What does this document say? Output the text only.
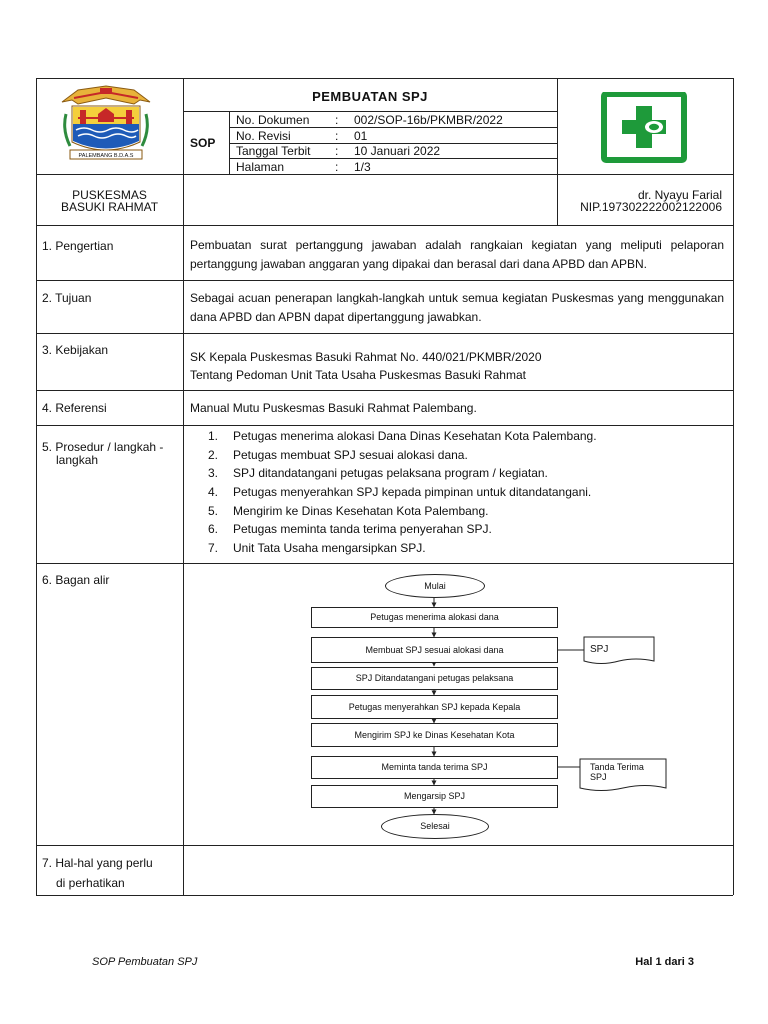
PALEMBANG B.D.A.S
PEMBUATAN SPJ
SOP
No. Dokumen : 002/SOP-16b/PKMBR/2022
No. Revisi	: 01
Tanggal Terbit : 10 Januari 2022
Halaman	: 1/3
PUSKESMAS
BASUKI RAHMAT
dr. Nyayu Farial
NIP.197302222002122006
1. Pengertian	Pembuatan surat pertanggung jawaban adalah rangkaian kegiatan yang meliputi pelaporan pertanggung jawaban anggaran yang dipakai dan berasal dari dana APBD dan APBN.
2. Tujuan	Sebagai acuan penerapan langkah-langkah untuk semua kegiatan Puskesmas yang menggunakan dana APBD dan APBN dapat dipertanggung jawabkan.
3. Kebijakan	SK Kepala Puskesmas Basuki Rahmat No. 440/021/PKMBR/2020
Tentang Pedoman Unit Tata Usaha Puskesmas Basuki Rahmat
4. Referensi	Manual Mutu Puskesmas Basuki Rahmat Palembang.
5. Prosedur / langkah -
langkah
1. Petugas menerima alokasi Dana Dinas Kesehatan Kota Palembang.
2. Petugas membuat SPJ sesuai alokasi dana.
3. SPJ ditandatangani petugas pelaksana program / kegiatan.
4. Petugas menyerahkan SPJ kepada pimpinan untuk ditandatangani.
5. Mengirim ke Dinas Kesehatan Kota Palembang.
6. Petugas meminta tanda terima penyerahan SPJ.
7. Unit Tata Usaha mengarsipkan SPJ.
6. Bagan alir	Mulai
Petugas menerima alokasi dana
Membuat SPJ sesuai alokasi dana
SPJ Ditandatangani petugas pelaksana
Petugas menyerahkan SPJ kepada Kepala
Mengirim SPJ ke Dinas Kesehatan Kota
Meminta tanda terima SPJ
Mengarsip SPJ
Selesai
SPJ
Tanda Terima
SPJ
7. Hal-hal yang perlu
di perhatikan
SOP Pembuatan SPJ	Hal 1 dari 3
